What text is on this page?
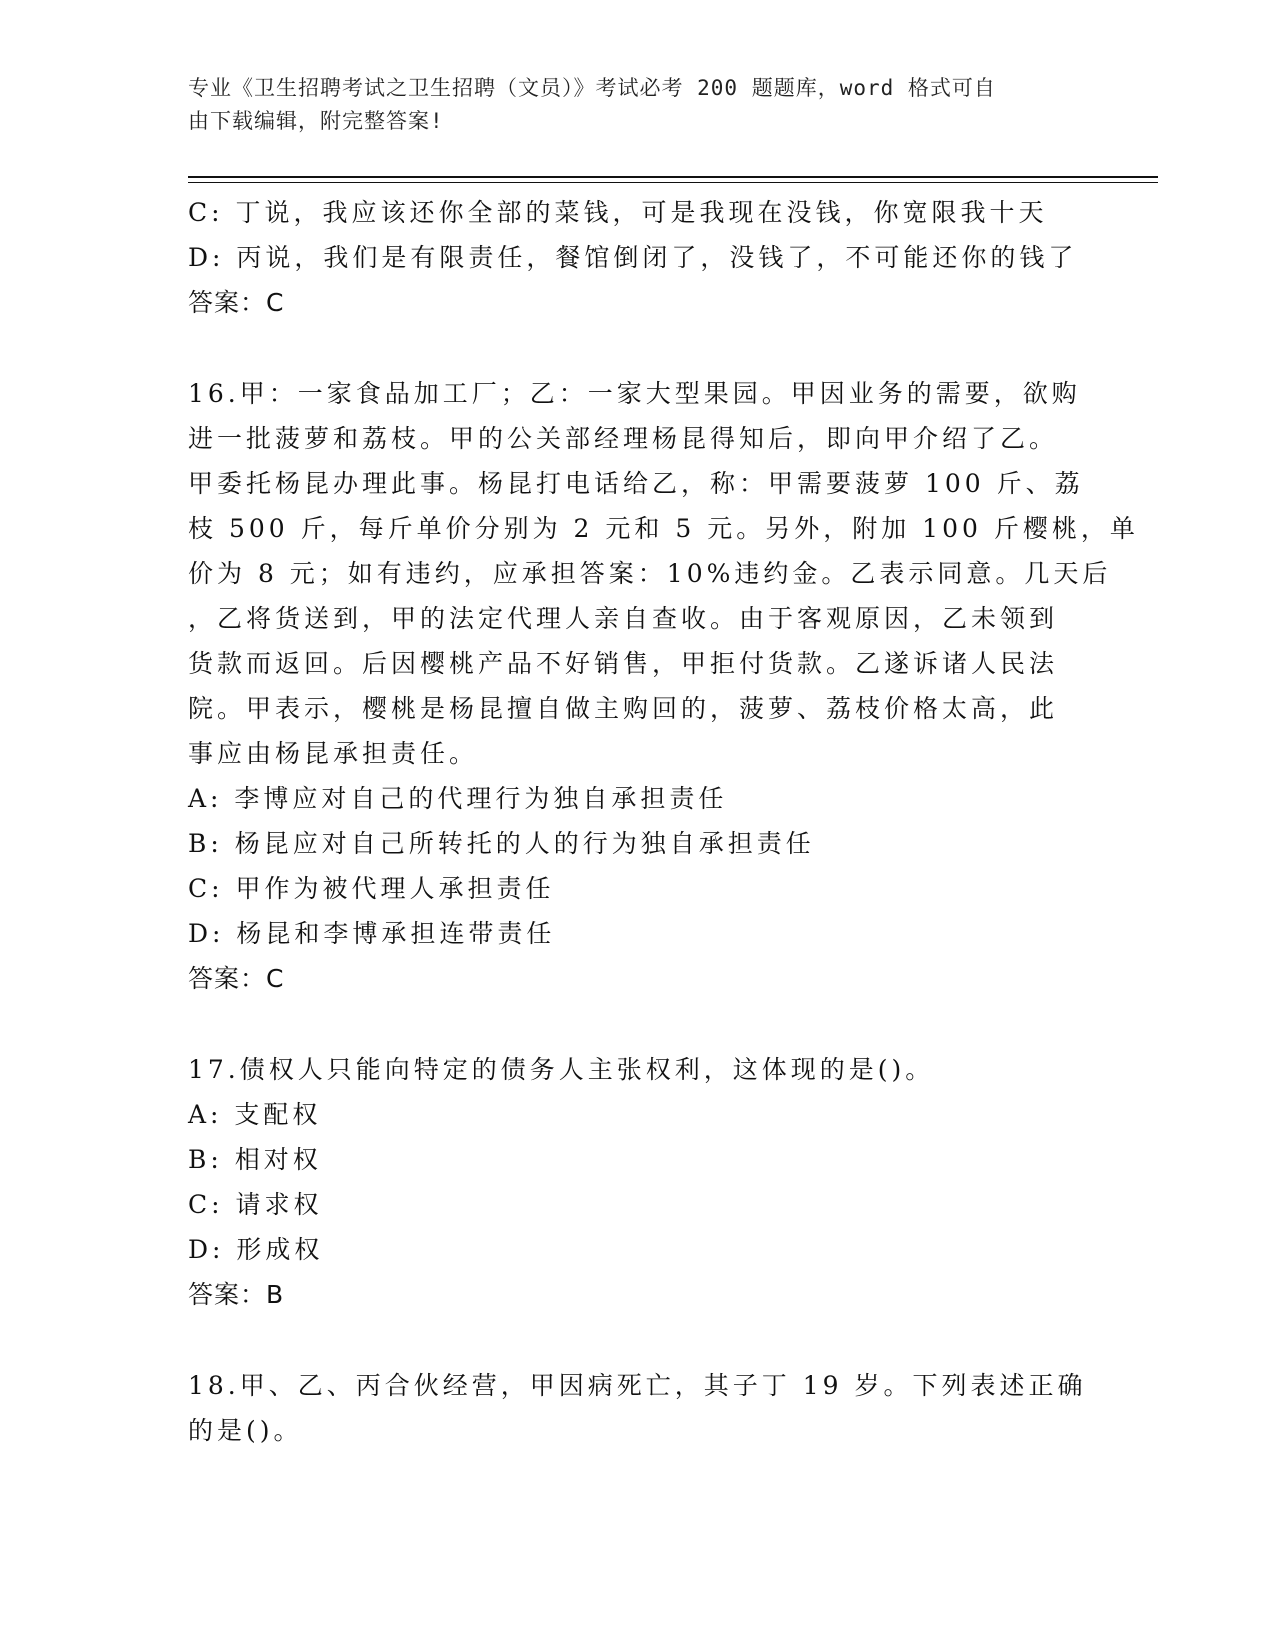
专业《卫生招聘考试之卫生招聘（文员）》考试必考 200 题题库，word 格式可自
由下载编辑，附完整答案!
C: 丁说，我应该还你全部的菜钱，可是我现在没钱，你宽限我十天
D: 丙说，我们是有限责任，餐馆倒闭了，没钱了，不可能还你的钱了
答案：C
16.甲：一家食品加工厂；乙：一家大型果园。甲因业务的需要，欲购
进一批菠萝和荔枝。甲的公关部经理杨昆得知后，即向甲介绍了乙。
甲委托杨昆办理此事。杨昆打电话给乙，称：甲需要菠萝 100 斤、荔
枝 500 斤，每斤单价分别为 2 元和 5 元。另外，附加 100 斤樱桃，单
价为 8 元；如有违约，应承担答案：10%违约金。乙表示同意。几天后
，乙将货送到，甲的法定代理人亲自查收。由于客观原因，乙未领到
货款而返回。后因樱桃产品不好销售，甲拒付货款。乙遂诉诸人民法
院。甲表示，樱桃是杨昆擅自做主购回的，菠萝、荔枝价格太高，此
事应由杨昆承担责任。
A: 李博应对自己的代理行为独自承担责任
B: 杨昆应对自己所转托的人的行为独自承担责任
C: 甲作为被代理人承担责任
D: 杨昆和李博承担连带责任
答案：C
17.债权人只能向特定的债务人主张权利，这体现的是()。
A: 支配权
B: 相对权
C: 请求权
D: 形成权
答案：B
18.甲、乙、丙合伙经营，甲因病死亡，其子丁 19 岁。下列表述正确
的是()。
